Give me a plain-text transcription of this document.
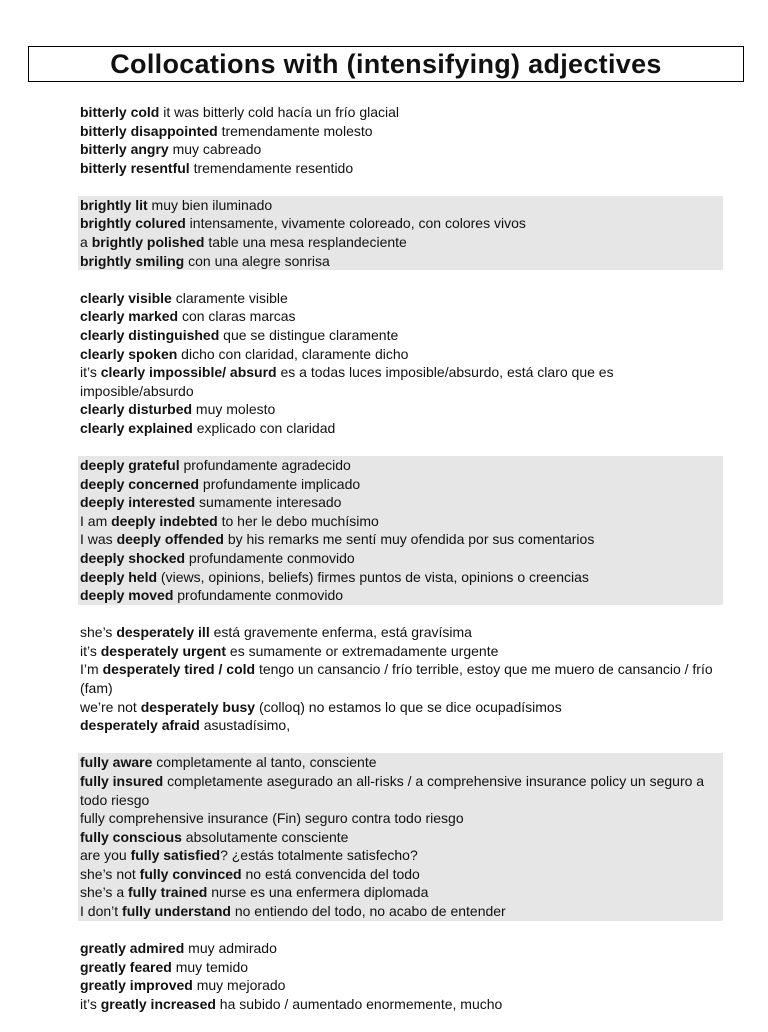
Collocations with (intensifying) adjectives
bitterly cold it was bitterly cold hacía un frío glacial
bitterly disappointed tremendamente molesto
bitterly angry muy cabreado
bitterly resentful tremendamente resentido
brightly lit muy bien iluminado
brightly colured intensamente, vivamente coloreado, con colores vivos
a brightly polished table una mesa resplandeciente
brightly smiling con una alegre sonrisa
clearly visible claramente visible
clearly marked con claras marcas
clearly distinguished que se distingue claramente
clearly spoken dicho con claridad, claramente dicho
it’s clearly impossible/ absurd es a todas luces imposible/absurdo, está claro que es imposible/absurdo
clearly disturbed muy molesto
clearly explained explicado con claridad
deeply grateful profundamente agradecido
deeply concerned profundamente implicado
deeply interested sumamente interesado
I am deeply indebted to her le debo muchísimo
I was deeply offended by his remarks me sentí muy ofendida por sus comentarios
deeply shocked profundamente conmovido
deeply held (views, opinions, beliefs) firmes puntos de vista, opinions o creencias
deeply moved profundamente conmovido
she’s desperately ill está gravemente enferma, está gravísima
it’s desperately urgent es sumamente or extremadamente urgente
I’m desperately tired / cold tengo un cansancio / frío terrible, estoy que me muero de cansancio / frío (fam)
we’re not desperately busy (colloq) no estamos lo que se dice ocupadísimos
desperately afraid asustadísimo,
fully aware completamente al tanto, consciente
fully insured completamente asegurado an all-risks / a comprehensive insurance policy un seguro a todo riesgo
fully comprehensive insurance (Fin) seguro contra todo riesgo
fully conscious absolutamente consciente
are you fully satisfied? ¿estás totalmente satisfecho?
she’s not fully convinced no está convencida del todo
she’s a fully trained nurse es una enfermera diplomada
I don’t fully understand no entiendo del todo, no acabo de entender
greatly admired muy admirado
greatly feared muy temido
greatly improved muy mejorado
it’s greatly increased ha subido / aumentado enormemente, mucho
